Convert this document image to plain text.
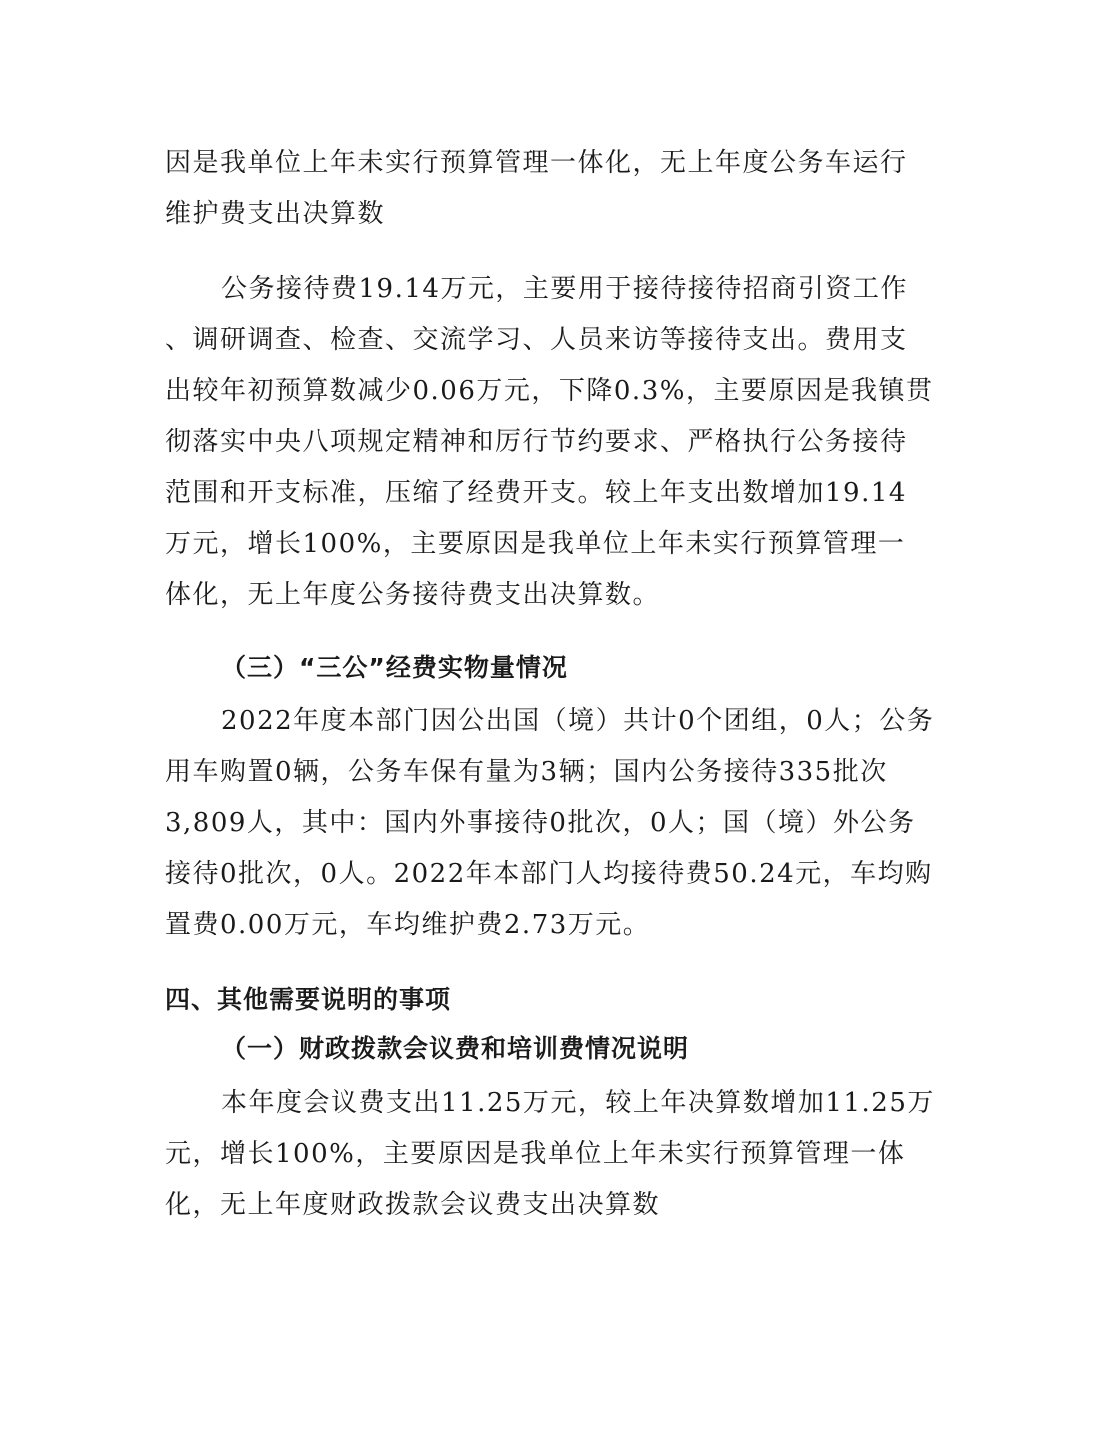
因是我单位上年未实行预算管理一体化，无上年度公务车运行
维护费支出决算数
公务接待费19.14万元，主要用于接待接待招商引资工作
、调研调查、检查、交流学习、人员来访等接待支出。费用支
出较年初预算数减少0.06万元，下降0.3%，主要原因是我镇贯
彻落实中央八项规定精神和厉行节约要求、严格执行公务接待
范围和开支标准，压缩了经费开支。较上年支出数增加19.14
万元，增长100%，主要原因是我单位上年未实行预算管理一
体化，无上年度公务接待费支出决算数。
（三）“三公”经费实物量情况
2022年度本部门因公出国（境）共计0个团组，0人；公务
用车购置0辆，公务车保有量为3辆；国内公务接待335批次
3,809人，其中：国内外事接待0批次，0人；国（境）外公务
接待0批次，0人。2022年本部门人均接待费50.24元，车均购
置费0.00万元，车均维护费2.73万元。
四、其他需要说明的事项
（一）财政拨款会议费和培训费情况说明
本年度会议费支出11.25万元，较上年决算数增加11.25万
元，增长100%，主要原因是我单位上年未实行预算管理一体
化，无上年度财政拨款会议费支出决算数
